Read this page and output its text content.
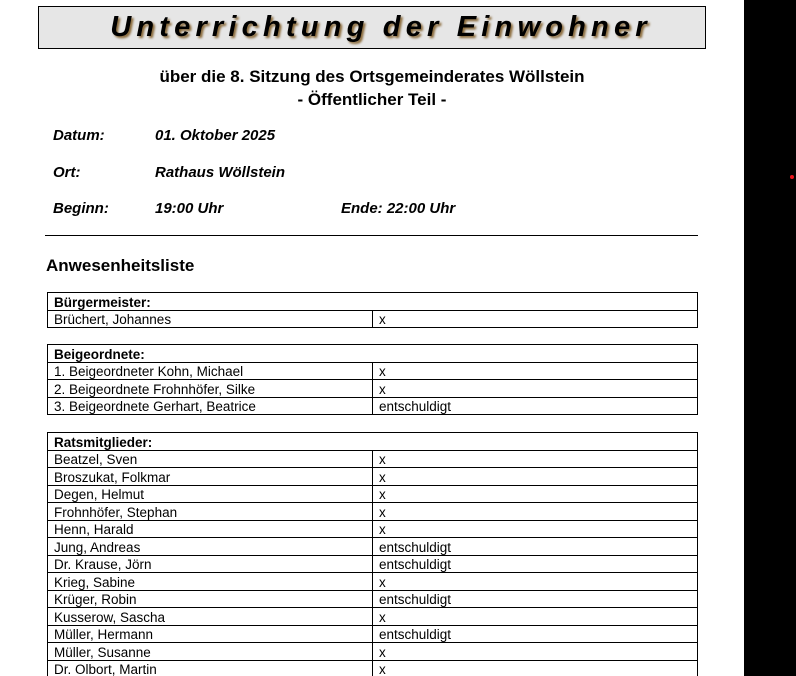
Unterrichtung der Einwohner
über die 8. Sitzung des Ortsgemeinderates Wöllstein
- Öffentlicher Teil -
Datum:	01. Oktober 2025
Ort:	Rathaus Wöllstein
Beginn:	19:00 Uhr	Ende: 22:00 Uhr
Anwesenheitsliste
Bürgermeister:
Brüchert, Johannes	x
Beigeordnete:	
1. Beigeordneter Kohn, Michael	x
2. Beigeordnete Frohnhöfer, Silke	x
3. Beigeordnete Gerhart, Beatrice	entschuldigt
Ratsmitglieder:	
Beatzel, Sven	x
Broszukat, Folkmar	x
Degen, Helmut	x
Frohnhöfer, Stephan	x
Henn, Harald	x
Jung, Andreas	entschuldigt
Dr. Krause, Jörn	entschuldigt
Krieg, Sabine	x
Krüger, Robin	entschuldigt
Kusserow, Sascha	x
Müller, Hermann	entschuldigt
Müller, Susanne	x
Dr. Olbort, Martin	x
